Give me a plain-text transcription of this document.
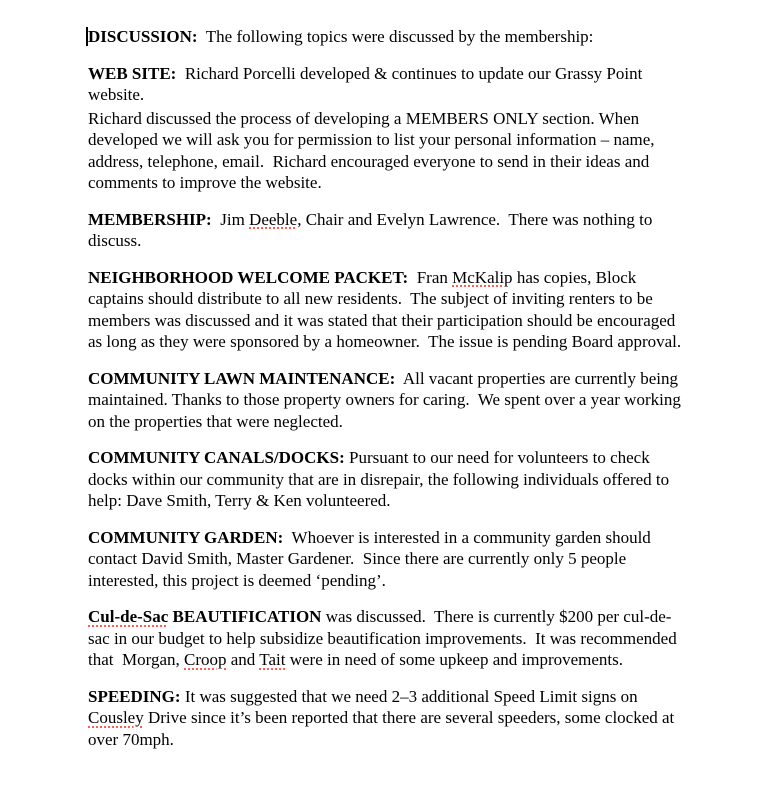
DISCUSSION:  The following topics were discussed by the membership:

WEB SITE:  Richard Porcelli developed & continues to update our Grassy Point website.

Richard discussed the process of developing a MEMBERS ONLY section. When developed we will ask you for permission to list your personal information – name, address, telephone, email.  Richard encouraged everyone to send in their ideas and comments to improve the website.

MEMBERSHIP:  Jim Deeble, Chair and Evelyn Lawrence.  There was nothing to discuss.

NEIGHBORHOOD WELCOME PACKET:  Fran McKalip has copies, Block captains should distribute to all new residents.  The subject of inviting renters to be members was discussed and it was stated that their participation should be encouraged as long as they were sponsored by a homeowner.  The issue is pending Board approval.

COMMUNITY LAWN MAINTENANCE:  All vacant properties are currently being maintained. Thanks to those property owners for caring.  We spent over a year working on the properties that were neglected.

COMMUNITY CANALS/DOCKS: Pursuant to our need for volunteers to check docks within our community that are in disrepair, the following individuals offered to help: Dave Smith, Terry & Ken volunteered.

COMMUNITY GARDEN:  Whoever is interested in a community garden should contact David Smith, Master Gardener.  Since there are currently only 5 people interested, this project is deemed ‘pending’.

Cul-de-Sac BEAUTIFICATION was discussed.  There is currently $200 per cul-de-sac in our budget to help subsidize beautification improvements.  It was recommended that  Morgan, Croop and Tait were in need of some upkeep and improvements.

SPEEDING: It was suggested that we need 2–3 additional Speed Limit signs on Cousley Drive since it’s been reported that there are several speeders, some clocked at over 70mph.
